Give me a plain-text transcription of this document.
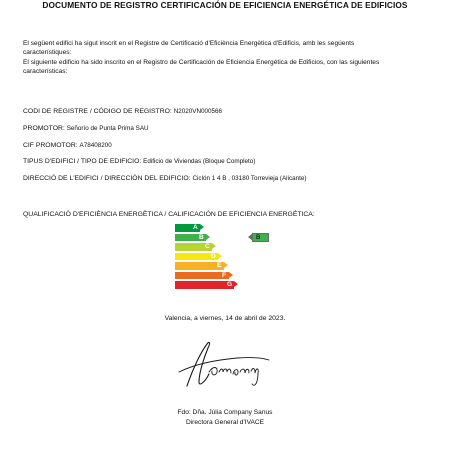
DOCUMENTO DE REGISTRO CERTIFICACIÓN DE EFICIENCIA ENERGÉTICA DE EDIFICIOS
El següent edifici ha sigut inscrit en el Registre de Certificació d'Eficiència Energètica d'Edificis, amb les segúents característiques:
El siguiente edificio ha sido inscrito en el Registro de Certificación de Eficiencia Energética de Edificios, con las siguientes características:
CODI DE REGISTRE / CÓDIGO DE REGISTRO: N2020VN000566
PROMOTOR: Señorío de Punta Prima SAU
CIF PROMOTOR: A78408200
TIPUS D'EDIFICI / TIPO DE EDIFICIO: Edificio de Viviendas (Bloque Completo)
DIRECCIÓ DE L'EDIFICI / DIRECCIÓN DEL EDIFICIO: Ciclón 1 4 B , 03180 Torrevieja (Alicante)
QUALIFICACIÓ D'EFICIÈNCIA ENERGÈTICA / CALIFICACIÓN DE EFICIENCIA ENERGÉTICA:
A
B
C
D
E
F
G
B
Valencia, a viernes, 14 de abril de 2023.
Fdo: Dña. Júlia Company Sanus
Directora General d'IVACE
